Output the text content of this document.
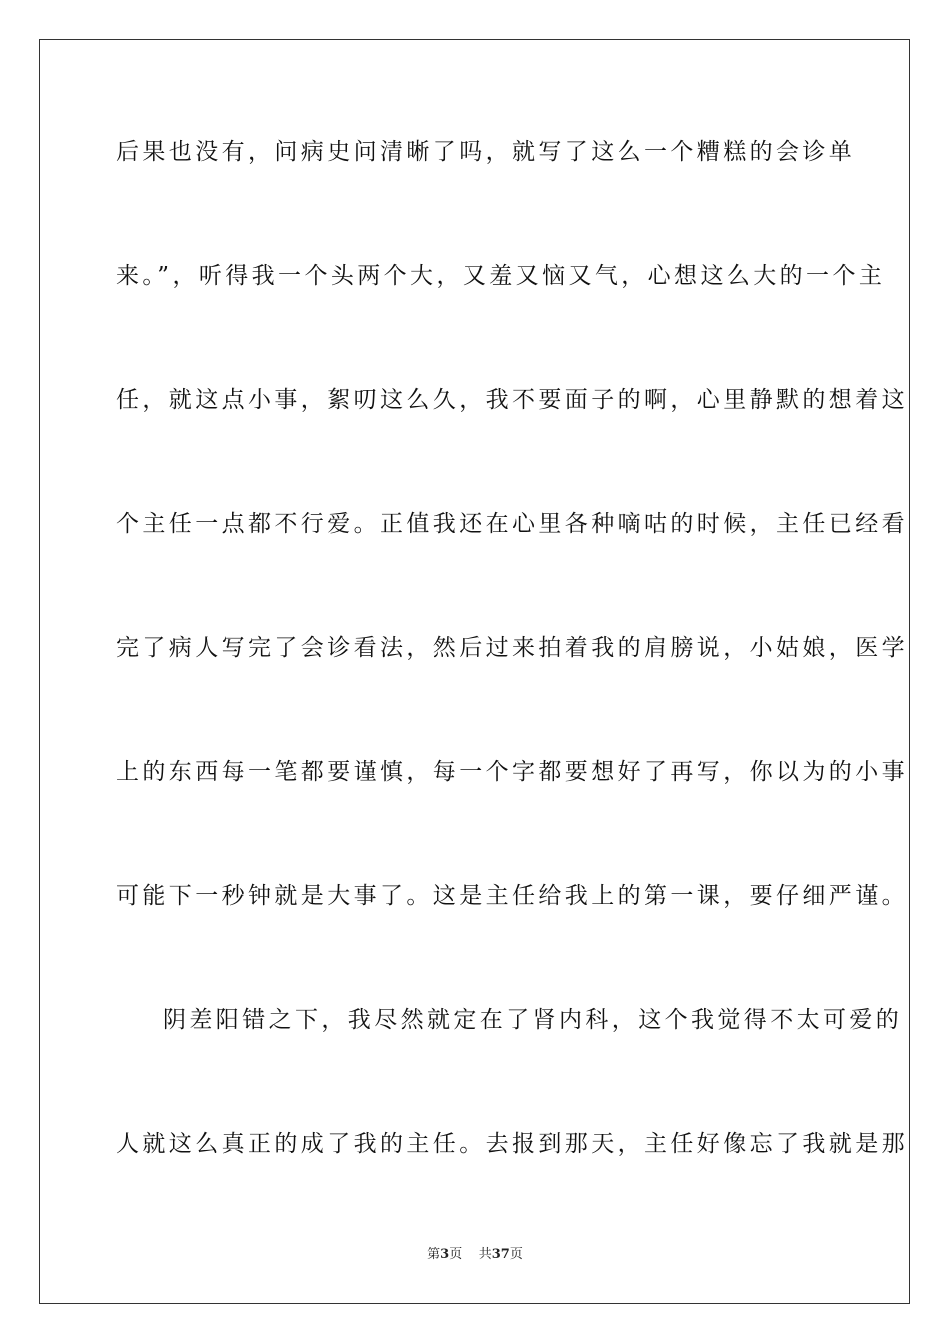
后果也没有，问病史问清晰了吗，就写了这么一个糟糕的会诊单
来。”，听得我一个头两个大，又羞又恼又气，心想这么大的一个主
任，就这点小事，絮叨这么久，我不要面子的啊，心里静默的想着这
个主任一点都不行爱。正值我还在心里各种嘀咕的时候，主任已经看
完了病人写完了会诊看法，然后过来拍着我的肩膀说，小姑娘，医学
上的东西每一笔都要谨慎，每一个字都要想好了再写，你以为的小事
可能下一秒钟就是大事了。这是主任给我上的第一课，要仔细严谨。
阴差阳错之下，我尽然就定在了肾内科，这个我觉得不太可爱的
人就这么真正的成了我的主任。去报到那天，主任好像忘了我就是那
第3页 共37页
